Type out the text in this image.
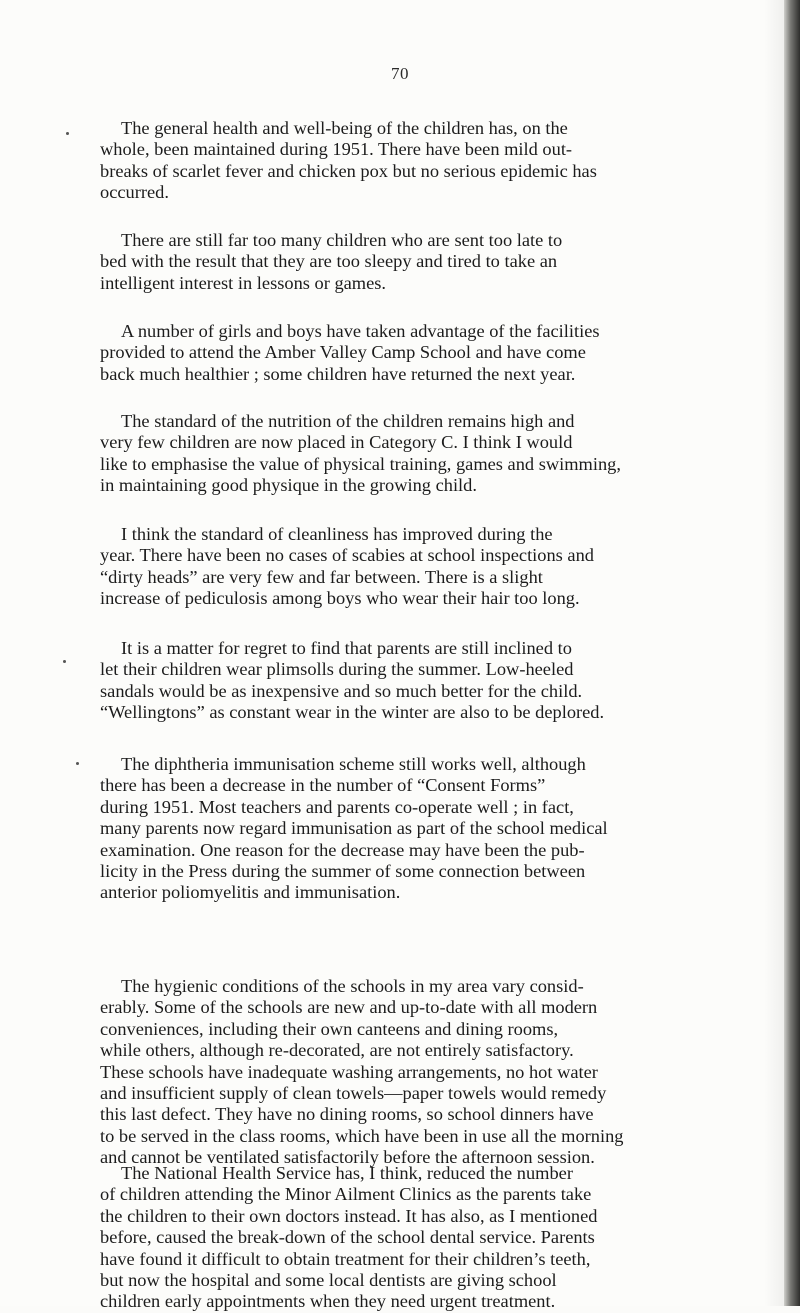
70

The general health and well-being of the children has, on the
whole, been maintained during 1951. There have been mild out-
breaks of scarlet fever and chicken pox but no serious epidemic has
occurred.

There are still far too many children who are sent too late to
bed with the result that they are too sleepy and tired to take an
intelligent interest in lessons or games.

A number of girls and boys have taken advantage of the facilities
provided to attend the Amber Valley Camp School and have come
back much healthier ; some children have returned the next year.

The standard of the nutrition of the children remains high and
very few children are now placed in Category C. I think I would
like to emphasise the value of physical training, games and swimming,
in maintaining good physique in the growing child.

I think the standard of cleanliness has improved during the
year. There have been no cases of scabies at school inspections and
“dirty heads” are very few and far between. There is a slight
increase of pediculosis among boys who wear their hair too long.

It is a matter for regret to find that parents are still inclined to
let their children wear plimsolls during the summer. Low-heeled
sandals would be as inexpensive and so much better for the child.
“Wellingtons” as constant wear in the winter are also to be deplored.

The diphtheria immunisation scheme still works well, although
there has been a decrease in the number of “Consent Forms”
during 1951. Most teachers and parents co-operate well ; in fact,
many parents now regard immunisation as part of the school medical
examination. One reason for the decrease may have been the pub-
licity in the Press during the summer of some connection between
anterior poliomyelitis and immunisation.

The hygienic conditions of the schools in my area vary consid-
erably. Some of the schools are new and up-to-date with all modern
conveniences, including their own canteens and dining rooms,
while others, although re-decorated, are not entirely satisfactory.
These schools have inadequate washing arrangements, no hot water
and insufficient supply of clean towels—paper towels would remedy
this last defect. They have no dining rooms, so school dinners have
to be served in the class rooms, which have been in use all the morning
and cannot be ventilated satisfactorily before the afternoon session.

The National Health Service has, I think, reduced the number
of children attending the Minor Ailment Clinics as the parents take
the children to their own doctors instead. It has also, as I mentioned
before, caused the break-down of the school dental service. Parents
have found it difficult to obtain treatment for their children’s teeth,
but now the hospital and some local dentists are giving school
children early appointments when they need urgent treatment.
